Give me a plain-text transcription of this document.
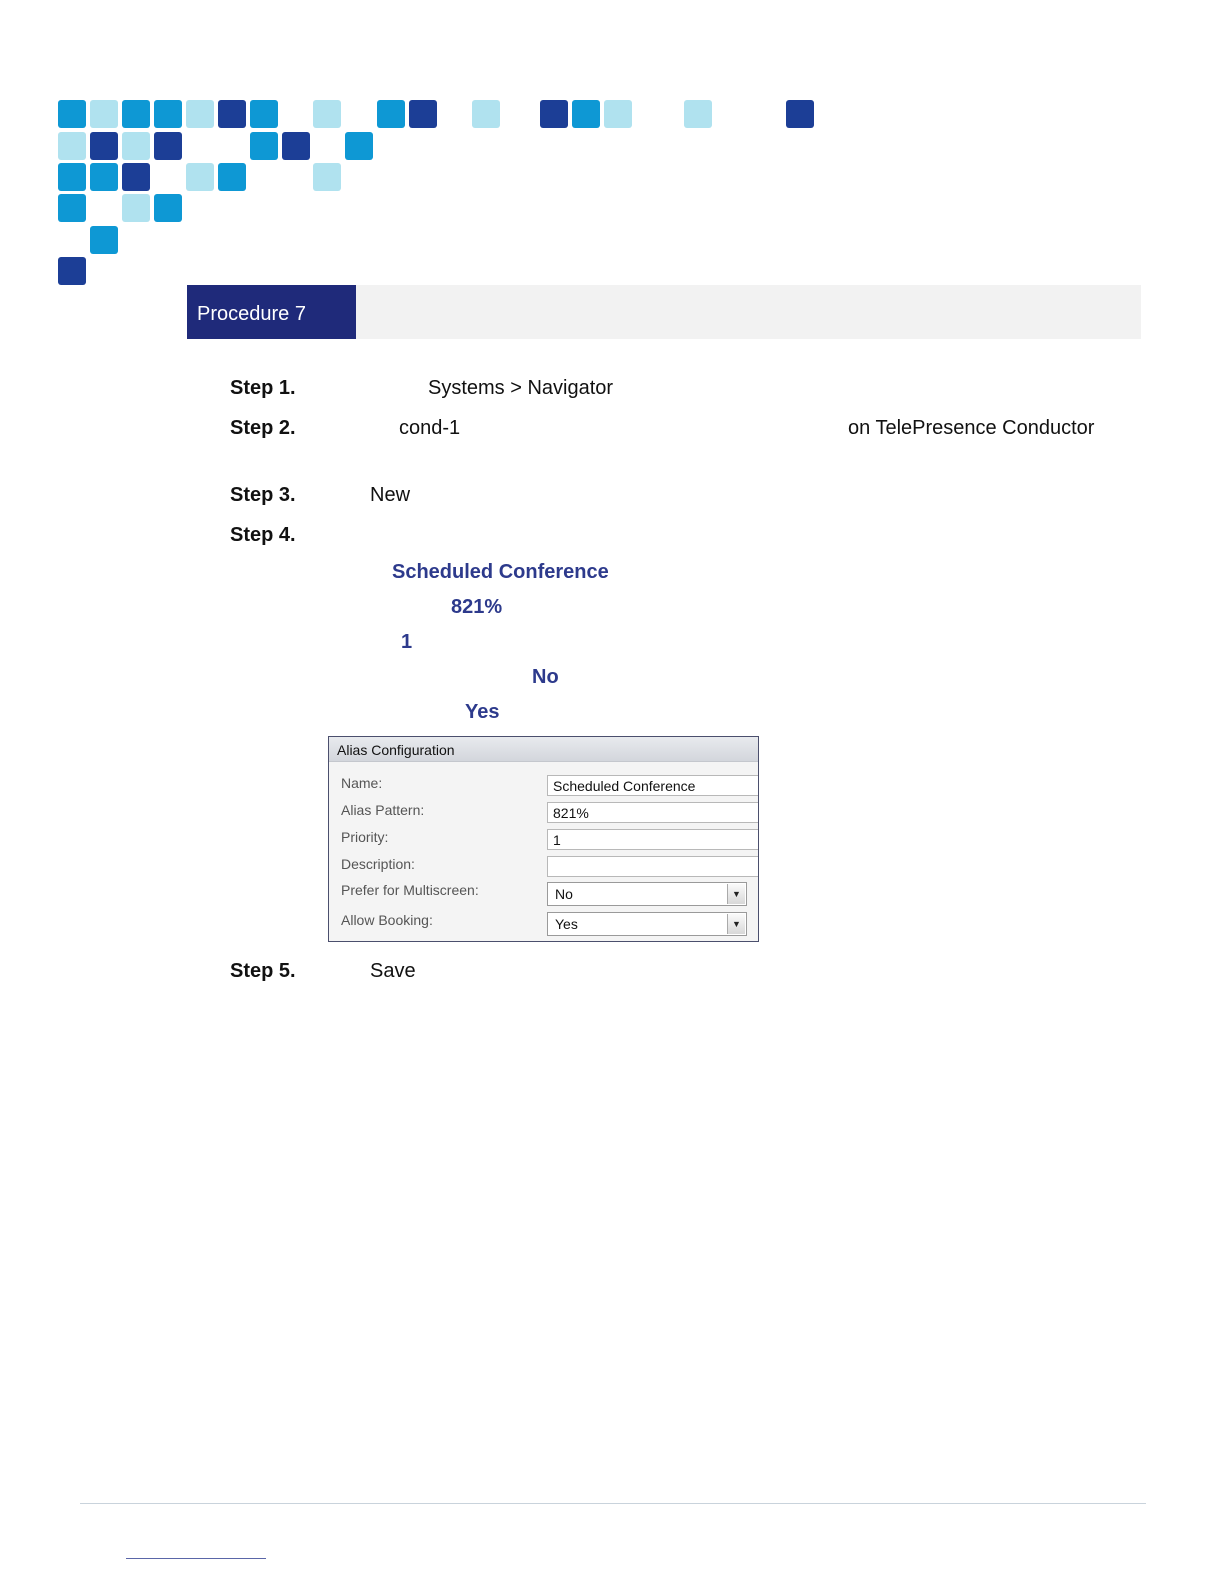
Procedure 7
Step 1.	Systems > Navigator
Step 2.	cond-1	on TelePresence Conductor
Step 3.	New
Step 4.
Scheduled Conference
821%
1
No
Yes
Alias Configuration
Name:	Scheduled Conference
Alias Pattern:	821%
Priority:	1
Description:
Prefer for Multiscreen:	No	▼
Allow Booking:	Yes	▼
Step 5.	Save
